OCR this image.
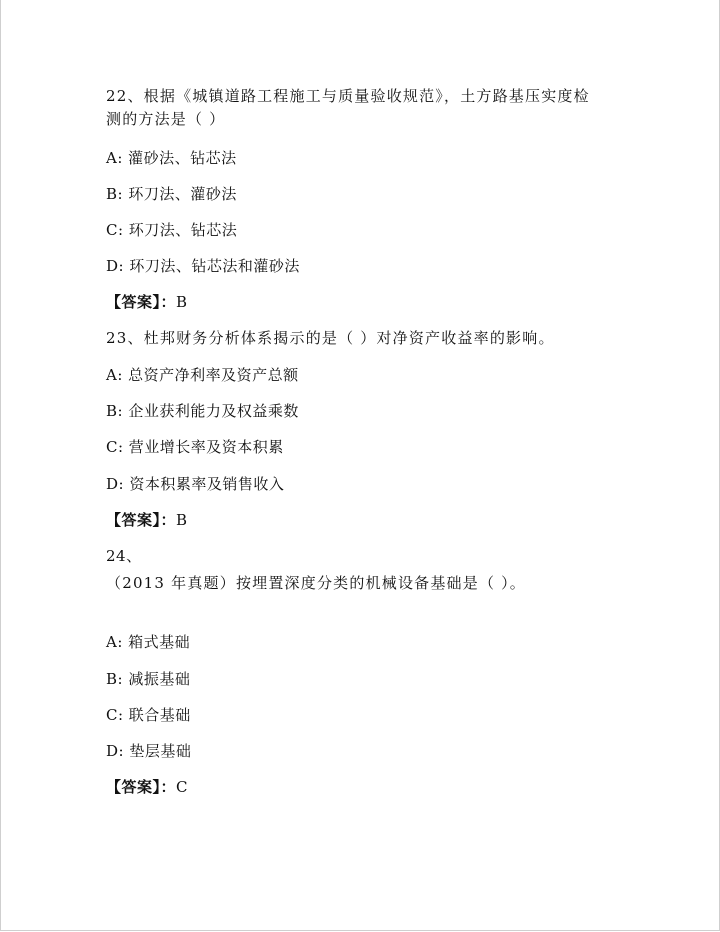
22、根据《城镇道路工程施工与质量验收规范》，土方路基压实度检
测的方法是（ ）
A: 灌砂法、钻芯法
B: 环刀法、灌砂法
C: 环刀法、钻芯法
D: 环刀法、钻芯法和灌砂法
【答案】：B
23、杜邦财务分析体系揭示的是（ ）对净资产收益率的影响。
A: 总资产净利率及资产总额
B: 企业获利能力及权益乘数
C: 营业增长率及资本积累
D: 资本积累率及销售收入
【答案】：B
24、
（2013 年真题）按埋置深度分类的机械设备基础是（ ）。
A: 箱式基础
B: 减振基础
C: 联合基础
D: 垫层基础
【答案】：C
